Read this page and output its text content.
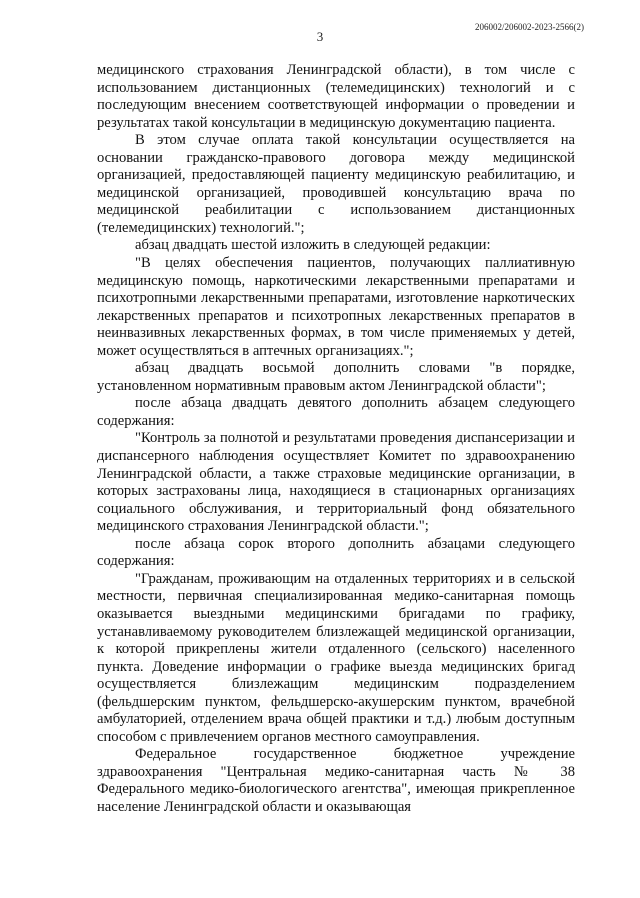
206002/206002-2023-2566(2)
3

медицинского страхования Ленинградской области), в том числе с использованием дистанционных (телемедицинских) технологий и с последующим внесением соответствующей информации о проведении и результатах такой консультации в медицинскую документацию пациента.

В этом случае оплата такой консультации осуществляется на основании гражданско-правового договора между медицинской организацией, предоставляющей пациенту медицинскую реабилитацию, и медицинской организацией, проводившей консультацию врача по медицинской реабилитации с использованием дистанционных (телемедицинских) технологий.";

абзац двадцать шестой изложить в следующей редакции:

"В целях обеспечения пациентов, получающих паллиативную медицинскую помощь, наркотическими лекарственными препаратами и психотропными лекарственными препаратами, изготовление наркотических лекарственных препаратов и психотропных лекарственных препаратов в неинвазивных лекарственных формах, в том числе применяемых у детей, может осуществляться в аптечных организациях.";

абзац двадцать восьмой дополнить словами "в порядке, установленном нормативным правовым актом Ленинградской области";

после абзаца двадцать девятого дополнить абзацем следующего содержания:

"Контроль за полнотой и результатами проведения диспансеризации и диспансерного наблюдения осуществляет Комитет по здравоохранению Ленинградской области, а также страховые медицинские организации, в которых застрахованы лица, находящиеся в стационарных организациях социального обслуживания, и территориальный фонд обязательного медицинского страхования Ленинградской области.";

после абзаца сорок второго дополнить абзацами следующего содержания:

"Гражданам, проживающим на отдаленных территориях и в сельской местности, первичная специализированная медико-санитарная помощь оказывается выездными медицинскими бригадами по графику, устанавливаемому руководителем близлежащей медицинской организации, к которой прикреплены жители отдаленного (сельского) населенного пункта. Доведение информации о графике выезда медицинских бригад осуществляется близлежащим медицинским подразделением (фельдшерским пунктом, фельдшерско-акушерским пунктом, врачебной амбулаторией, отделением врача общей практики и т.д.) любым доступным способом с привлечением органов местного самоуправления.

Федеральное государственное бюджетное учреждение здравоохранения "Центральная медико-санитарная часть № 38 Федерального медико-биологического агентства", имеющая прикрепленное население Ленинградской области и оказывающая
